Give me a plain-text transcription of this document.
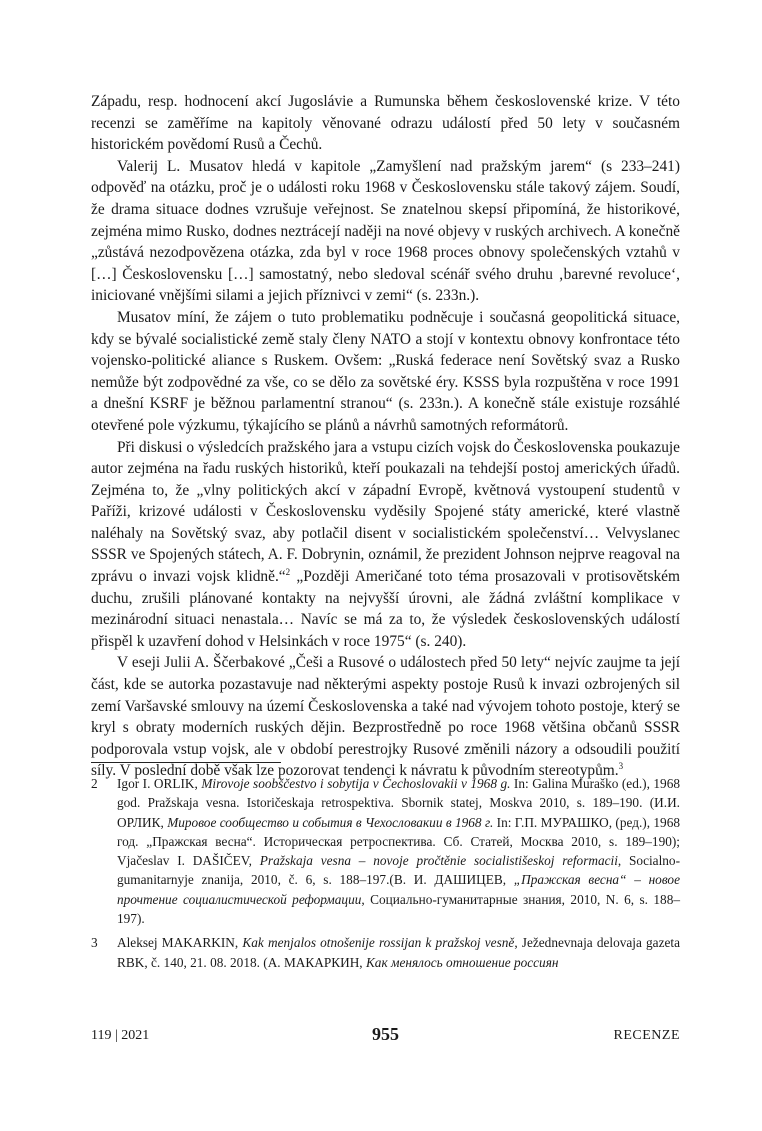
Západu, resp. hodnocení akcí Jugoslávie a Rumunska během československé krize. V této recenzi se zaměříme na kapitoly věnované odrazu událostí před 50 lety v současném historickém povědomí Rusů a Čechů.

Valerij L. Musatov hledá v kapitole „Zamyšlení nad pražským jarem“ (s 233–241) odpověď na otázku, proč je o události roku 1968 v Československu stále takový zájem. Soudí, že drama situace dodnes vzrušuje veřejnost. Se znatelnou skepsí připomíná, že historikové, zejména mimo Rusko, dodnes neztrácejí naději na nové objevy v ruských archivech. A konečně „zůstává nezodpovězena otázka, zda byl v roce 1968 proces obnovy společenských vztahů v […] Československu […] samostatný, nebo sledoval scénář svého druhu ‚barevné revoluce‘, iniciované vnějšími silami a jejich příznivci v zemi“ (s. 233n.).

Musatov míní, že zájem o tuto problematiku podněcuje i současná geopolitická situace, kdy se bývalé socialistické země staly členy NATO a stojí v kontextu obnovy konfrontace této vojensko-politické aliance s Ruskem. Ovšem: „Ruská federace není Sovětský svaz a Rusko nemůže být zodpovědné za vše, co se dělo za sovětské éry. KSSS byla rozpuštěna v roce 1991 a dnešní KSRF je běžnou parlamentní stranou“ (s. 233n.). A konečně stále existuje rozsáhlé otevřené pole výzkumu, týkajícího se plánů a návrhů samotných reformátorů.

Při diskusi o výsledcích pražského jara a vstupu cizích vojsk do Československa poukazuje autor zejména na řadu ruských historiků, kteří poukazali na tehdejší postoj amerických úřadů. Zejména to, že „vlny politických akcí v západní Evropě, květnová vystoupení studentů v Paříži, krizové události v Československu vyděsily Spojené státy americké, které vlastně naléhaly na Sovětský svaz, aby potlačil disent v socialistickém společenství… Velvyslanec SSSR ve Spojených státech, A. F. Dobrynin, oznámil, že prezident Johnson nejprve reagoval na zprávu o invazi vojsk klidně.“$^2$ „Později Američané toto téma prosazovali v protisovětském duchu, zrušili plánované kontakty na nejvyšší úrovni, ale žádná zvláštní komplikace v mezinárodní situaci nenastala… Navíc se má za to, že výsledek československých událostí přispěl k uzavření dohod v Helsinkách v roce 1975“ (s. 240).

V eseji Julii A. Ščerbakové „Češi a Rusové o událostech před 50 lety“ nejvíc zaujme ta její část, kde se autorka pozastavuje nad některými aspekty postoje Rusů k invazi ozbrojených sil zemí Varšavské smlouvy na území Československa a také nad vývojem tohoto postoje, který se kryl s obraty moderních ruských dějin. Bezprostředně po roce 1968 většina občanů SSSR podporovala vstup vojsk, ale v období perestrojky Rusové změnili názory a odsoudili použití síly. V poslední době však lze pozorovat tendenci k návratu k původním stereotypům.$^3$

2	Igor I. ORLIK, Mirovoje soobščestvo i sobytija v Čechoslovakii v 1968 g. In: Galina Muraško (ed.), 1968 god. Pražskaja vesna. Istoričeskaja retrospektiva. Sbornik statej, Moskva 2010, s. 189–190. (И.И. ОРЛИК, Мировое сообщество и события в Чехословакии в 1968 г. In: Г.П. МУРАШКО, (ред.), 1968 год. „Пражская весна“. Историческая ретроспектива. Сб. Статей, Москва 2010, s. 189–190); Vjačeslav I. DAŠIČEV, Pražskaja vesna – novoje pročtěnie socialistišeskoj reformacii, Socialno-gumanitarnyje znanija, 2010, č. 6, s. 188–197.(В. И. ДАШИЦЕВ, „Пражская весна“ – новое прочтение социалистической реформации, Социально-гуманитарные знания, 2010, N. 6, s. 188–197).
3	Aleksej MAKARKIN, Kak menjalos otnošenije rossijan k pražskoj vesně, Ježednevnaja delovaja gazeta RBK, č. 140, 21. 08. 2018. (А. МАКАРКИН, Как менялось отношение россиян
119 | 2021	955	RECENZE
